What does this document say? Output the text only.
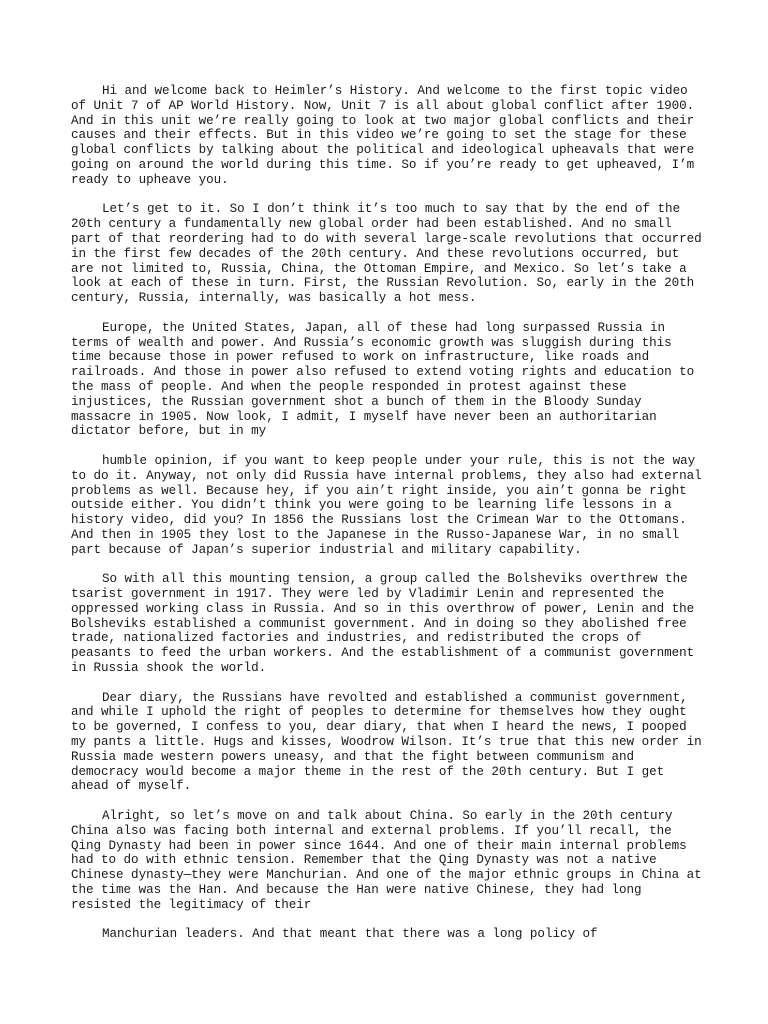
Hi and welcome back to Heimler’s History. And welcome to the first topic video of Unit 7 of AP World History. Now, Unit 7 is all about global conflict after 1900. And in this unit we’re really going to look at two major global conflicts and their causes and their effects. But in this video we’re going to set the stage for these global conflicts by talking about the political and ideological upheavals that were going on around the world during this time. So if you’re ready to get upheaved, I’m ready to upheave you.

Let’s get to it. So I don’t think it’s too much to say that by the end of the 20th century a fundamentally new global order had been established. And no small part of that reordering had to do with several large-scale revolutions that occurred in the first few decades of the 20th century. And these revolutions occurred, but are not limited to, Russia, China, the Ottoman Empire, and Mexico. So let’s take a look at each of these in turn. First, the Russian Revolution. So, early in the 20th century, Russia, internally, was basically a hot mess.

Europe, the United States, Japan, all of these had long surpassed Russia in terms of wealth and power. And Russia’s economic growth was sluggish during this time because those in power refused to work on infrastructure, like roads and railroads. And those in power also refused to extend voting rights and education to the mass of people. And when the people responded in protest against these injustices, the Russian government shot a bunch of them in the Bloody Sunday massacre in 1905. Now look, I admit, I myself have never been an authoritarian dictator before, but in my

humble opinion, if you want to keep people under your rule, this is not the way to do it. Anyway, not only did Russia have internal problems, they also had external problems as well. Because hey, if you ain’t right inside, you ain’t gonna be right outside either. You didn’t think you were going to be learning life lessons in a history video, did you? In 1856 the Russians lost the Crimean War to the Ottomans. And then in 1905 they lost to the Japanese in the Russo-Japanese War, in no small part because of Japan’s superior industrial and military capability.

So with all this mounting tension, a group called the Bolsheviks overthrew the tsarist government in 1917. They were led by Vladimir Lenin and represented the oppressed working class in Russia. And so in this overthrow of power, Lenin and the Bolsheviks established a communist government. And in doing so they abolished free trade, nationalized factories and industries, and redistributed the crops of peasants to feed the urban workers. And the establishment of a communist government in Russia shook the world.

Dear diary, the Russians have revolted and established a communist government, and while I uphold the right of peoples to determine for themselves how they ought to be governed, I confess to you, dear diary, that when I heard the news, I pooped my pants a little. Hugs and kisses, Woodrow Wilson. It’s true that this new order in Russia made western powers uneasy, and that the fight between communism and democracy would become a major theme in the rest of the 20th century. But I get ahead of myself.

Alright, so let’s move on and talk about China. So early in the 20th century China also was facing both internal and external problems. If you’ll recall, the Qing Dynasty had been in power since 1644. And one of their main internal problems had to do with ethnic tension. Remember that the Qing Dynasty was not a native Chinese dynasty—they were Manchurian. And one of the major ethnic groups in China at the time was the Han. And because the Han were native Chinese, they had long resisted the legitimacy of their

Manchurian leaders. And that meant that there was a long policy of
